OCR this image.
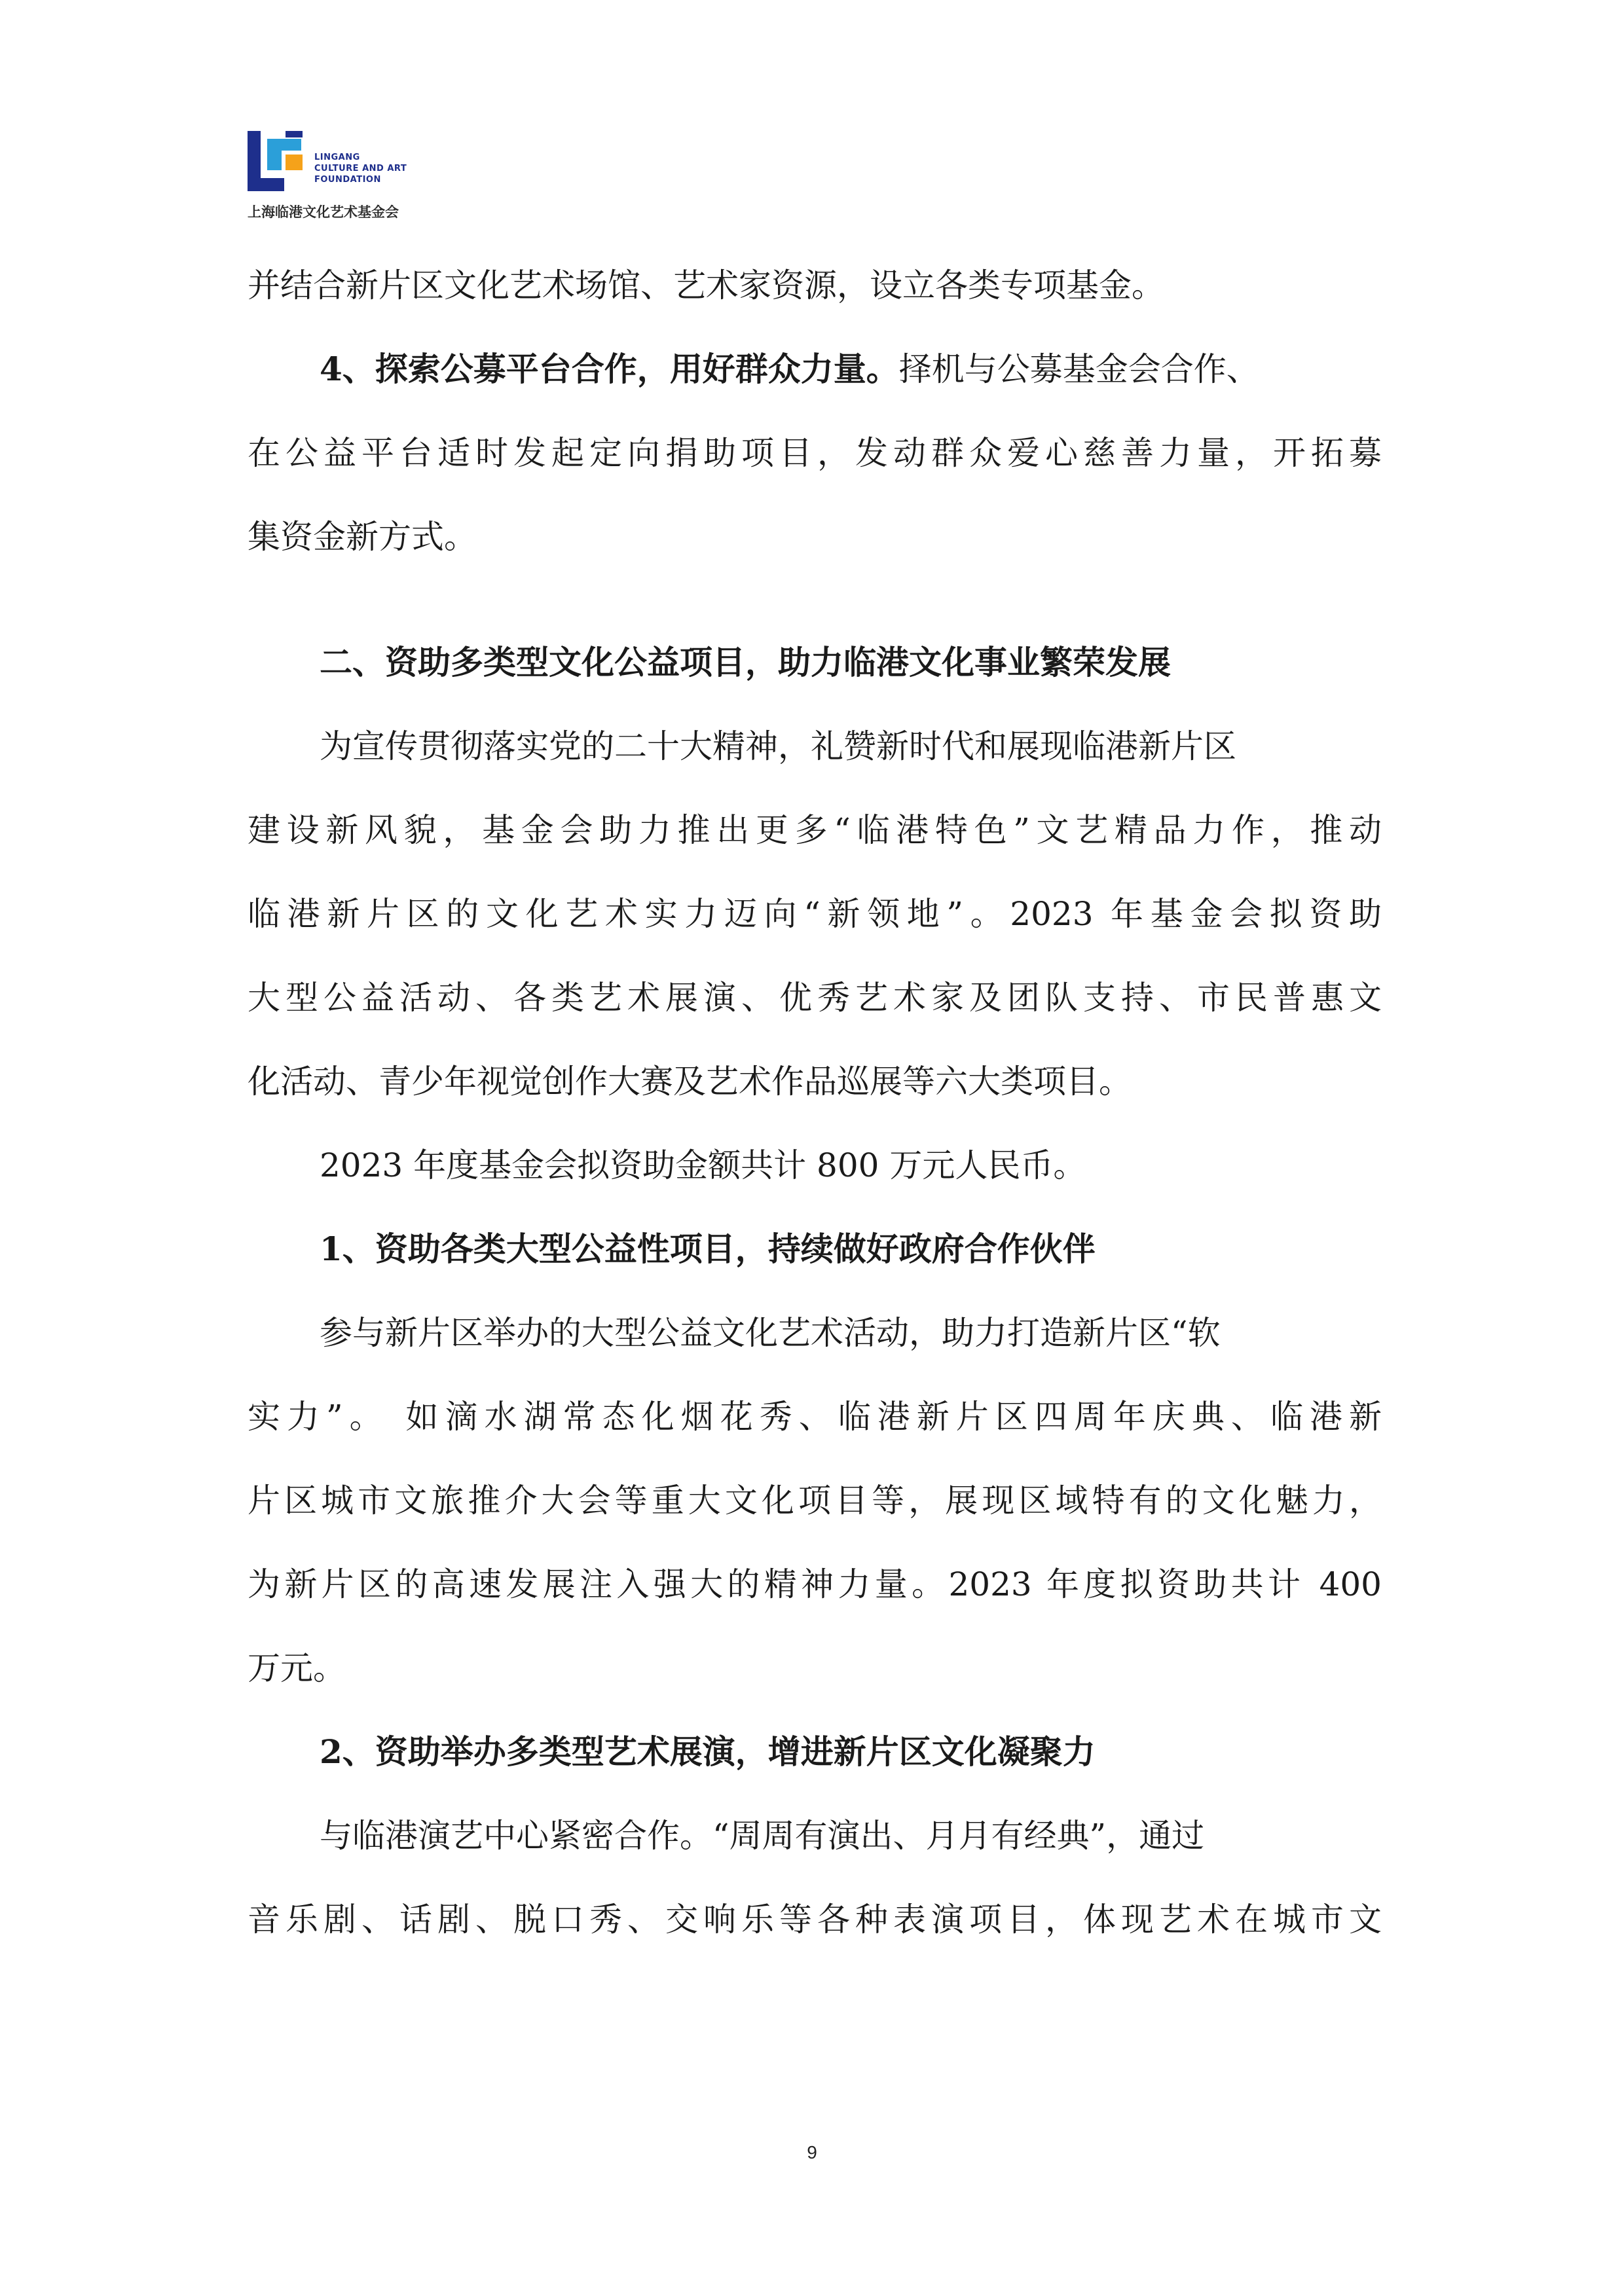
LINGANG
CULTURE AND ART
FOUNDATION
上海临港文化艺术基金会
并结合新片区文化艺术场馆、艺术家资源，设立各类专项基金。
4、探索公募平台合作，用好群众力量。择机与公募基金会合作、
在公益平台适时发起定向捐助项目，发动群众爱心慈善力量，开拓募
集资金新方式。
二、资助多类型文化公益项目，助力临港文化事业繁荣发展
为宣传贯彻落实党的二十大精神，礼赞新时代和展现临港新片区
建设新风貌，基金会助力推出更多“临港特色”文艺精品力作，推动
临港新片区的文化艺术实力迈向“新领地”。2023 年基金会拟资助
大型公益活动、各类艺术展演、优秀艺术家及团队支持、市民普惠文
化活动、青少年视觉创作大赛及艺术作品巡展等六大类项目。
2023 年度基金会拟资助金额共计 800 万元人民币。
1、资助各类大型公益性项目，持续做好政府合作伙伴
参与新片区举办的大型公益文化艺术活动，助力打造新片区“软
实力”。 如滴水湖常态化烟花秀、临港新片区四周年庆典、临港新
片区城市文旅推介大会等重大文化项目等，展现区域特有的文化魅力，
为新片区的高速发展注入强大的精神力量。2023 年度拟资助共计 400
万元。
2、资助举办多类型艺术展演，增进新片区文化凝聚力
与临港演艺中心紧密合作。“周周有演出、月月有经典”，通过
音乐剧、话剧、脱口秀、交响乐等各种表演项目，体现艺术在城市文
9
